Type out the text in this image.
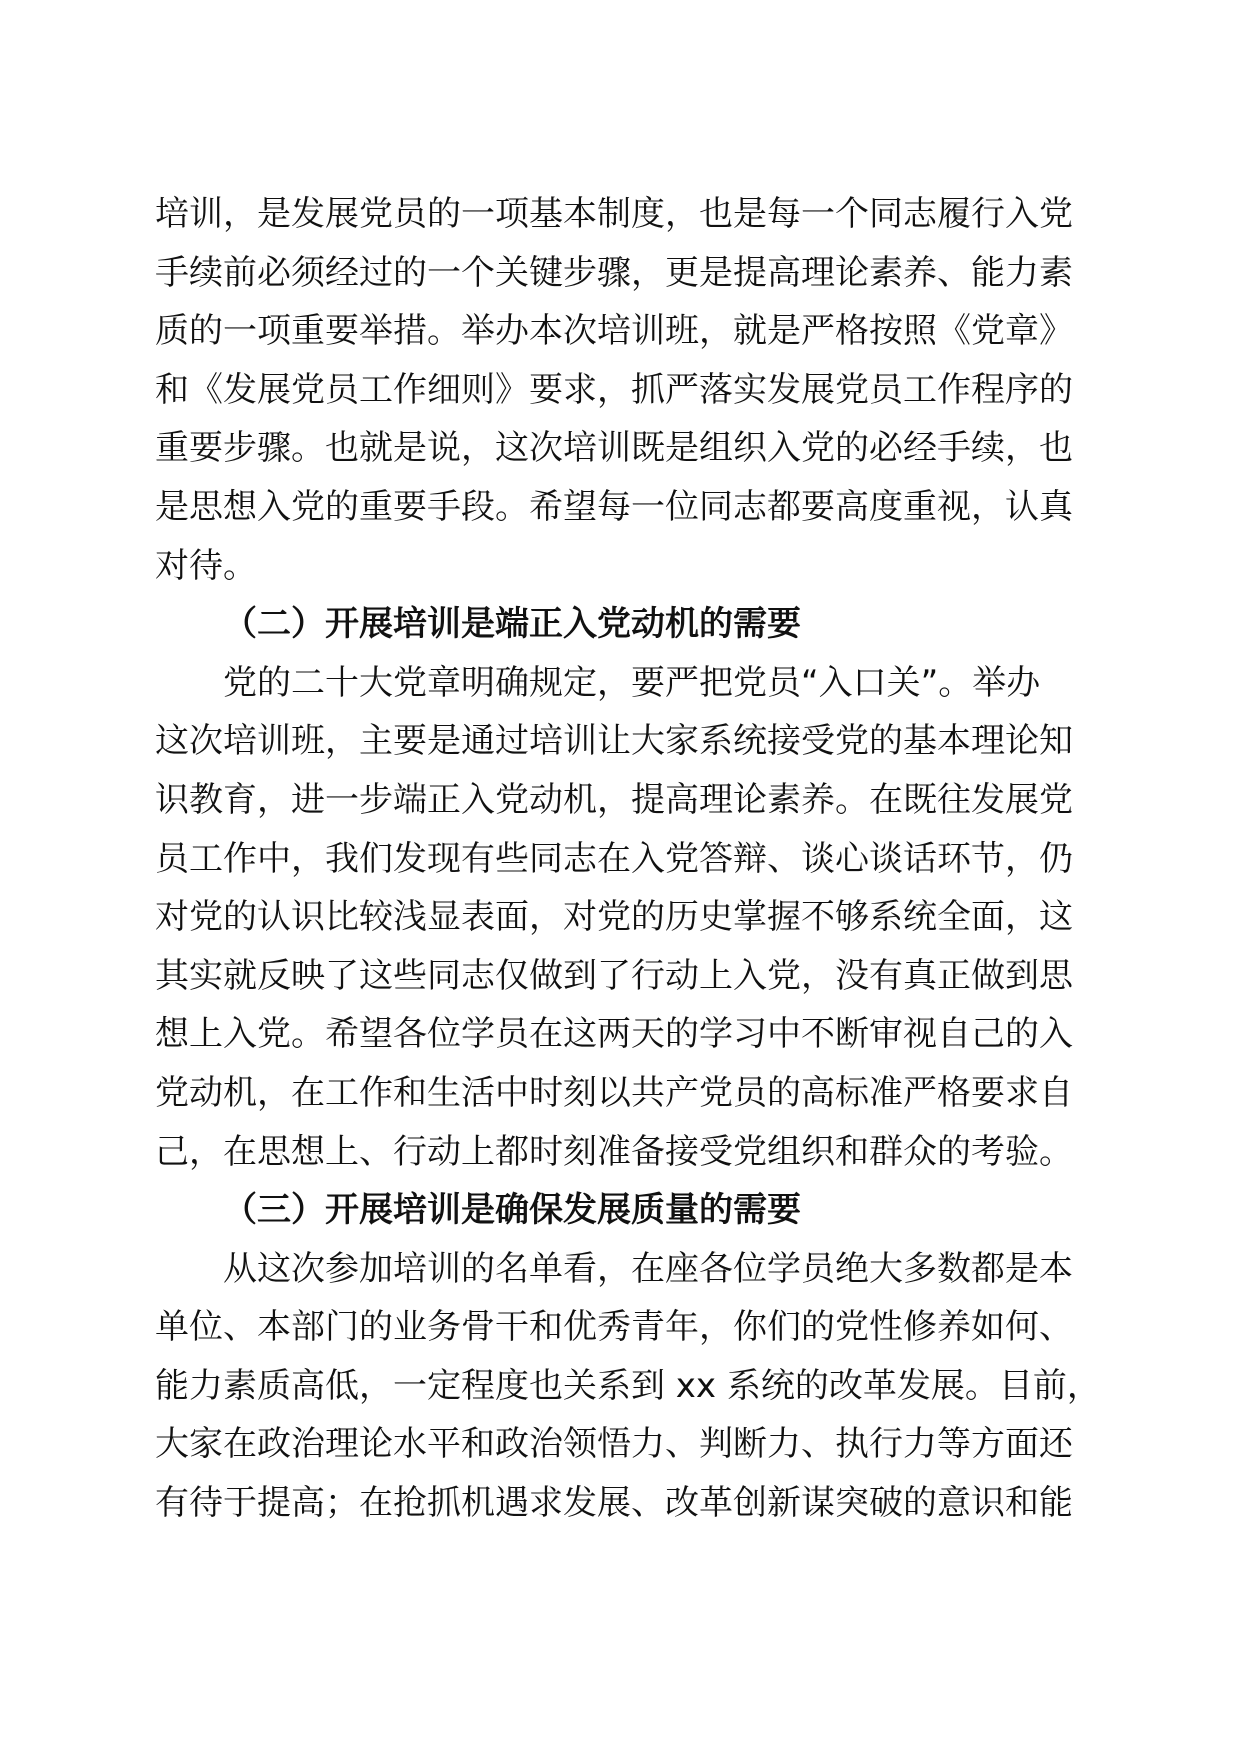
培训，是发展党员的一项基本制度，也是每一个同志履行入党
手续前必须经过的一个关键步骤，更是提高理论素养、能力素
质的一项重要举措。举办本次培训班，就是严格按照《党章》
和《发展党员工作细则》要求，抓严落实发展党员工作程序的
重要步骤。也就是说，这次培训既是组织入党的必经手续，也
是思想入党的重要手段。希望每一位同志都要高度重视，认真
对待。
（二）开展培训是端正入党动机的需要
党的二十大党章明确规定，要严把党员“入口关”。举办
这次培训班，主要是通过培训让大家系统接受党的基本理论知
识教育，进一步端正入党动机，提高理论素养。在既往发展党
员工作中，我们发现有些同志在入党答辩、谈心谈话环节，仍
对党的认识比较浅显表面，对党的历史掌握不够系统全面，这
其实就反映了这些同志仅做到了行动上入党，没有真正做到思
想上入党。希望各位学员在这两天的学习中不断审视自己的入
党动机，在工作和生活中时刻以共产党员的高标准严格要求自
己，在思想上、行动上都时刻准备接受党组织和群众的考验。
（三）开展培训是确保发展质量的需要
从这次参加培训的名单看，在座各位学员绝大多数都是本
单位、本部门的业务骨干和优秀青年，你们的党性修养如何、
能力素质高低，一定程度也关系到 xx 系统的改革发展。目前，
大家在政治理论水平和政治领悟力、判断力、执行力等方面还
有待于提高；在抢抓机遇求发展、改革创新谋突破的意识和能
